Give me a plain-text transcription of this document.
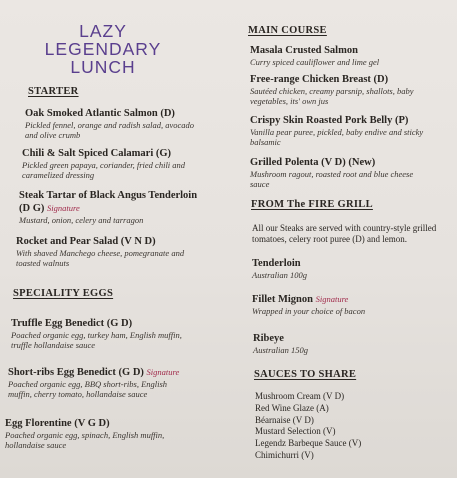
LAZY
LEGENDARY
LUNCH
STARTER
Oak Smoked Atlantic Salmon (D)
Pickled fennel, orange and radish salad, avocado
and olive crumb
Chili & Salt Spiced Calamari (G)
Pickled green papaya, coriander, fried chili and
caramelized dressing
Steak Tartar of Black Angus Tenderloin
(D G) Signature
Mustard, onion, celery and tarragon
Rocket and Pear Salad (V N D)
With shaved Manchego cheese, pomegranate and
toasted walnuts
SPECIALITY EGGS
Truffle Egg Benedict (G D)
Poached organic egg, turkey ham, English muffin,
truffle hollandaise sauce
Short-ribs Egg Benedict (G D) Signature
Poached organic egg, BBQ short-ribs, English
muffin, cherry tomato, hollandaise sauce
Egg Florentine (V G D)
Poached organic egg, spinach, English muffin,
hollandaise sauce
MAIN COURSE
Masala Crusted Salmon
Curry spiced cauliflower and lime gel
Free-range Chicken Breast (D)
Sautéed chicken, creamy parsnip, shallots, baby
vegetables, its' own jus
Crispy Skin Roasted Pork Belly (P)
Vanilla pear puree, pickled, baby endive and sticky
balsamic
Grilled Polenta (V D) (New)
Mushroom ragout, roasted root and blue cheese
sauce
FROM The FIRE GRILL
All our Steaks are served with country-style grilled
tomatoes, celery root puree (D) and lemon.
Tenderloin
Australian 100g
Fillet Mignon Signature
Wrapped in your choice of bacon
Ribeye
Australian 150g
SAUCES TO SHARE
Mushroom Cream (V D)
Red Wine Glaze (A)
Béarnaise (V D)
Mustard Selection (V)
Legendz Barbeque Sauce (V)
Chimichurri (V)
